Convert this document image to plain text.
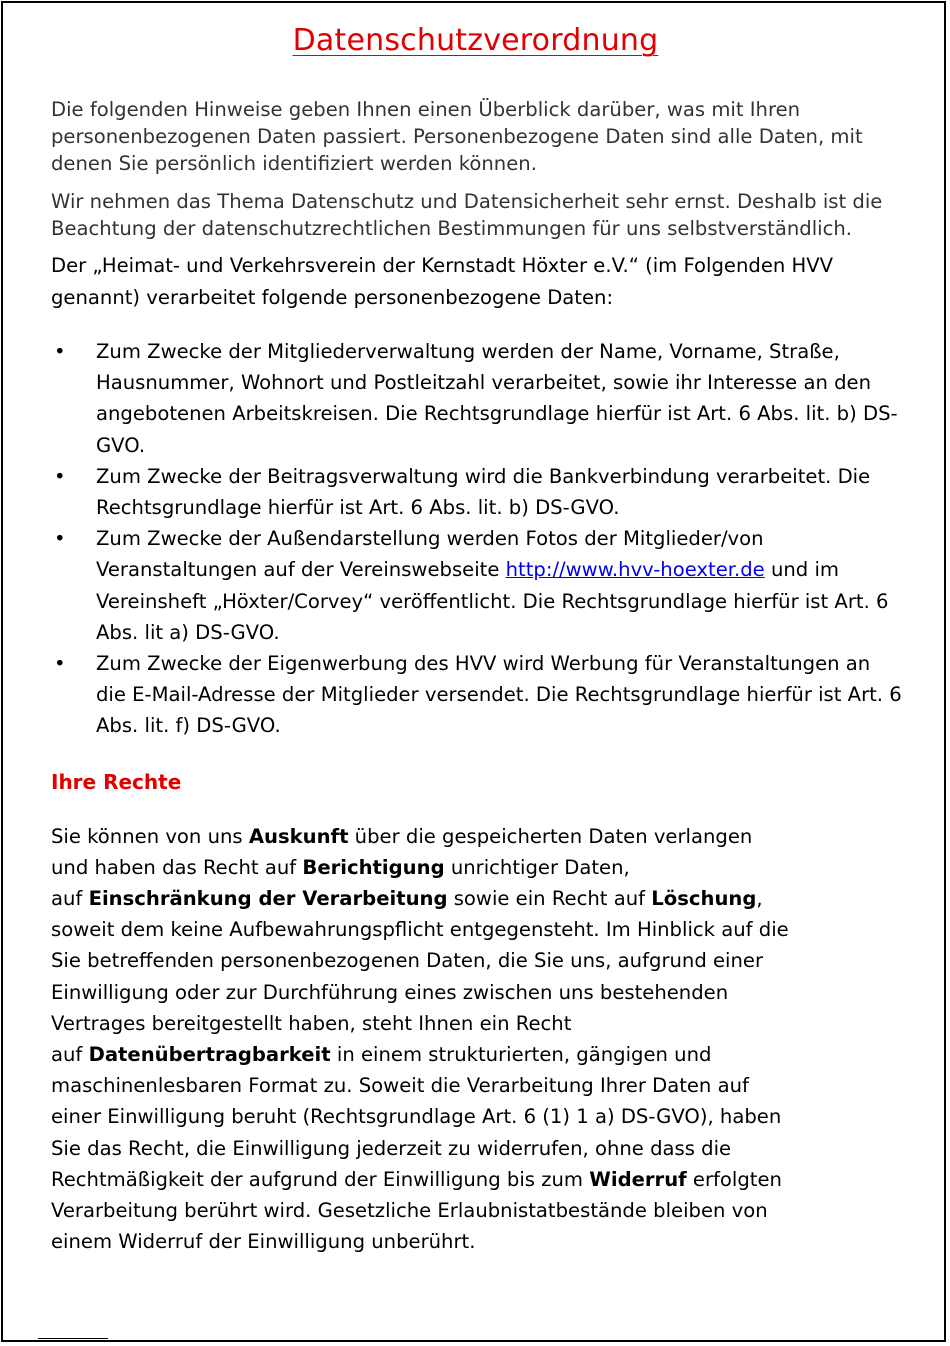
Datenschutzverordnung

Die folgenden Hinweise geben Ihnen einen Überblick darüber, was mit Ihren personenbezogenen Daten passiert. Personenbezogene Daten sind alle Daten, mit denen Sie persönlich identifiziert werden können.

Wir nehmen das Thema Datenschutz und Datensicherheit sehr ernst. Deshalb ist die Beachtung der datenschutzrechtlichen Bestimmungen für uns selbstverständlich.

Der „Heimat- und Verkehrsverein der Kernstadt Höxter e.V.“ (im Folgenden HVV genannt) verarbeitet folgende personenbezogene Daten:

• Zum Zwecke der Mitgliederverwaltung werden der Name, Vorname, Straße, Hausnummer, Wohnort und Postleitzahl verarbeitet, sowie ihr Interesse an den angebotenen Arbeitskreisen. Die Rechtsgrundlage hierfür ist Art. 6 Abs. lit. b) DS-GVO.
• Zum Zwecke der Beitragsverwaltung wird die Bankverbindung verarbeitet. Die Rechtsgrundlage hierfür ist Art. 6 Abs. lit. b) DS-GVO.
• Zum Zwecke der Außendarstellung werden Fotos der Mitglieder/von Veranstaltungen auf der Vereinswebseite http://www.hvv-hoexter.de und im Vereinsheft „Höxter/Corvey“ veröffentlicht. Die Rechtsgrundlage hierfür ist Art. 6 Abs. lit a) DS-GVO.
• Zum Zwecke der Eigenwerbung des HVV wird Werbung für Veranstaltungen an die E-Mail-Adresse der Mitglieder versendet. Die Rechtsgrundlage hierfür ist Art. 6 Abs. lit. f) DS-GVO.
Ihre Rechte
Sie können von uns Auskunft über die gespeicherten Daten verlangen
und haben das Recht auf Berichtigung unrichtiger Daten,
auf Einschränkung der Verarbeitung sowie ein Recht auf Löschung,
soweit dem keine Aufbewahrungspflicht entgegensteht. Im Hinblick auf die
Sie betreffenden personenbezogenen Daten, die Sie uns, aufgrund einer
Einwilligung oder zur Durchführung eines zwischen uns bestehenden
Vertrages bereitgestellt haben, steht Ihnen ein Recht
auf Datenübertragbarkeit in einem strukturierten, gängigen und
maschinenlesbaren Format zu. Soweit die Verarbeitung Ihrer Daten auf
einer Einwilligung beruht (Rechtsgrundlage Art. 6 (1) 1 a) DS-GVO), haben
Sie das Recht, die Einwilligung jederzeit zu widerrufen, ohne dass die
Rechtmäßigkeit der aufgrund der Einwilligung bis zum Widerruf erfolgten
Verarbeitung berührt wird. Gesetzliche Erlaubnistatbestände bleiben von
einem Widerruf der Einwilligung unberührt.
